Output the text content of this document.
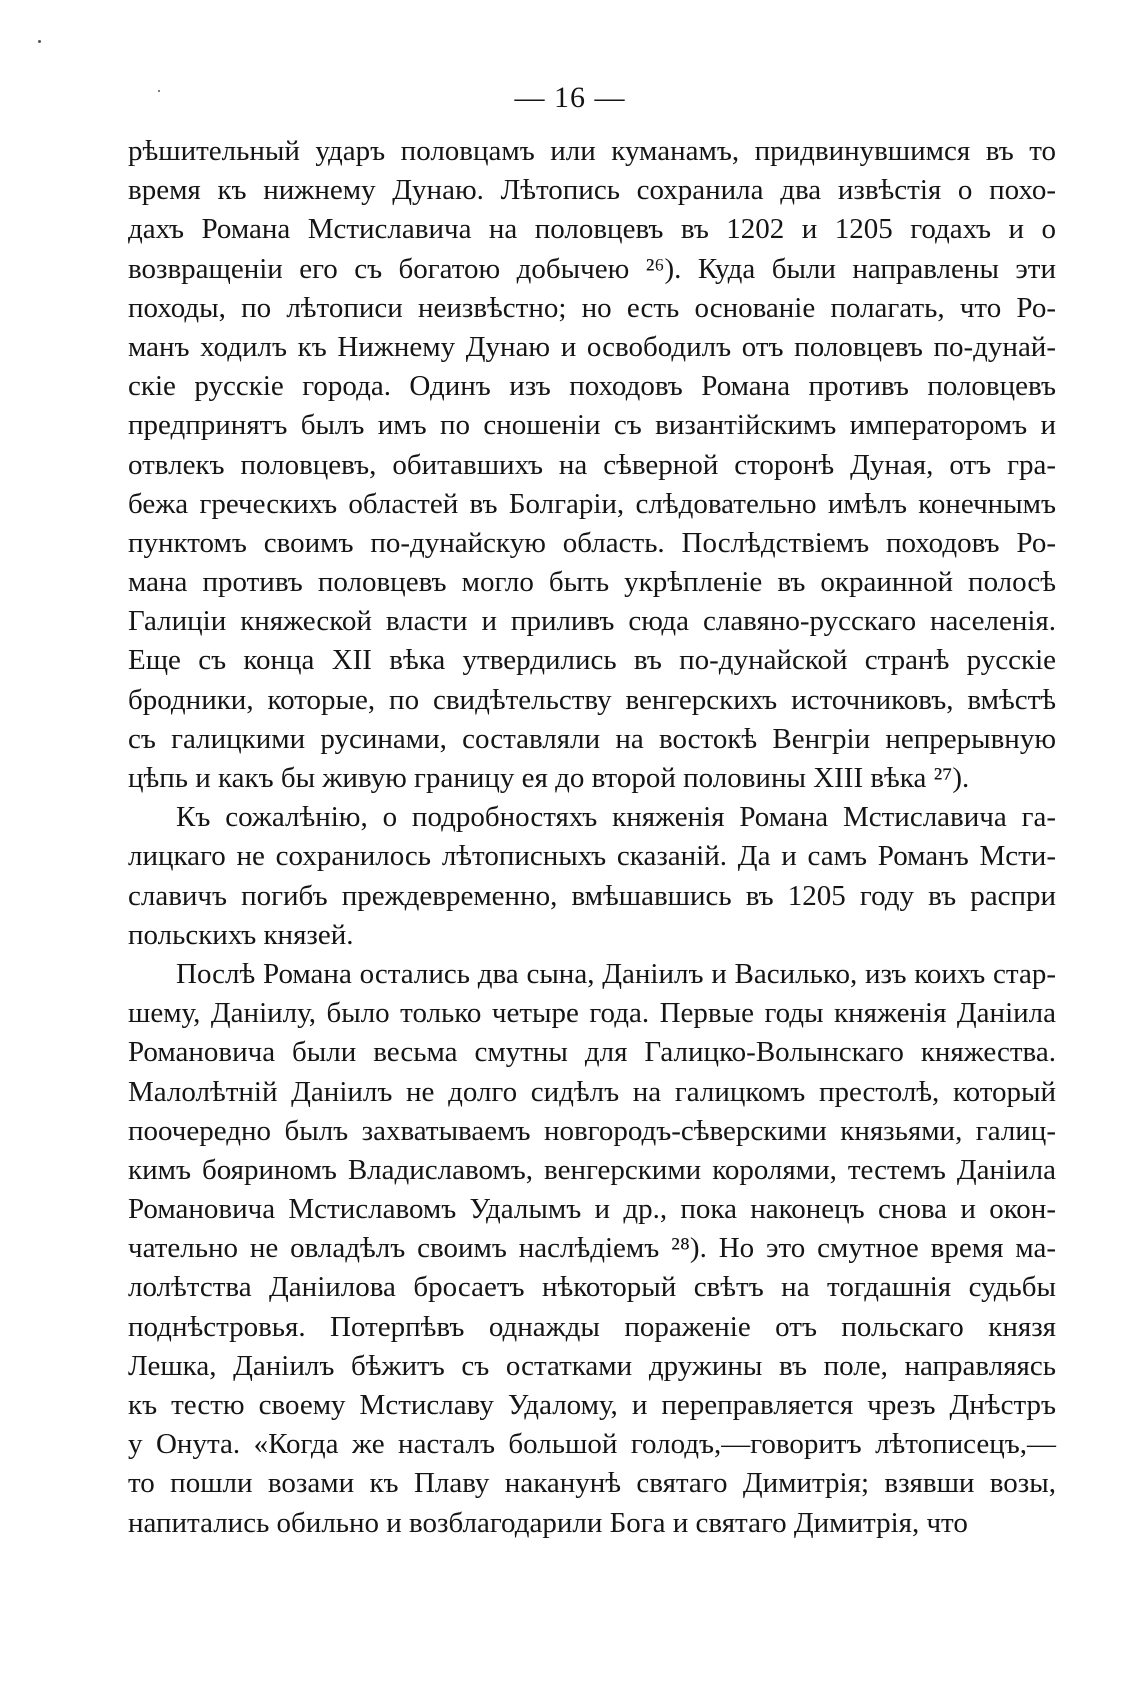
— 16 —
рѣшительный ударъ половцамъ или куманамъ, придвинувшимся въ то
время къ нижнему Дунаю. Лѣтопись сохранила два извѣстія о похо-
дахъ Романа Мстиславича на половцевъ въ 1202 и 1205 годахъ и о
возвращеніи его съ богатою добычею ²⁶). Куда были направлены эти
походы, по лѣтописи неизвѣстно; но есть основаніе полагать, что Ро-
манъ ходилъ къ Нижнему Дунаю и освободилъ отъ половцевъ по-дунай-
скіе русскіе города. Одинъ изъ походовъ Романа противъ половцевъ
предпринятъ былъ имъ по сношеніи съ византійскимъ императоромъ и
отвлекъ половцевъ, обитавшихъ на сѣверной сторонѣ Дуная, отъ гра-
бежа греческихъ областей въ Болгаріи, слѣдовательно имѣлъ конечнымъ
пунктомъ своимъ по-дунайскую область. Послѣдствіемъ походовъ Ро-
мана противъ половцевъ могло быть укрѣпленіе въ окраинной полосѣ
Галиціи княжеской власти и приливъ сюда славяно-русскаго населенія.
Еще съ конца XII вѣка утвердились въ по-дунайской странѣ русскіе
бродники, которые, по свидѣтельству венгерскихъ источниковъ, вмѣстѣ
съ галицкими русинами, составляли на востокѣ Венгріи непрерывную
цѣпь и какъ бы живую границу ея до второй половины XIII вѣка ²⁷).
Къ сожалѣнію, о подробностяхъ княженія Романа Мстиславича га-
лицкаго не сохранилось лѣтописныхъ сказаній. Да и самъ Романъ Мсти-
славичъ погибъ преждевременно, вмѣшавшись въ 1205 году въ распри
польскихъ князей.
Послѣ Романа остались два сына, Даніилъ и Василько, изъ коихъ стар-
шему, Даніилу, было только четыре года. Первые годы княженія Даніила
Романовича были весьма смутны для Галицко-Волынскаго княжества.
Малолѣтній Даніилъ не долго сидѣлъ на галицкомъ престолѣ, который
поочередно былъ захватываемъ новгородъ-сѣверскими князьями, галиц-
кимъ бояриномъ Владиславомъ, венгерскими королями, тестемъ Даніила
Романовича Мстиславомъ Удалымъ и др., пока наконецъ снова и окон-
чательно не овладѣлъ своимъ наслѣдіемъ ²⁸). Но это смутное время ма-
лолѣтства Даніилова бросаетъ нѣкоторый свѣтъ на тогдашнія судьбы
поднѣстровья. Потерпѣвъ однажды пораженіе отъ польскаго князя
Лешка, Даніилъ бѣжитъ съ остатками дружины въ поле, направляясь
къ тестю своему Мстиславу Удалому, и переправляется чрезъ Днѣстръ
у Онута. «Когда же насталъ большой голодъ,—говоритъ лѣтописецъ,—
то пошли возами къ Плаву наканунѣ святаго Димитрія; взявши возы,
напитались обильно и возблагодарили Бога и святаго Димитрія, что
